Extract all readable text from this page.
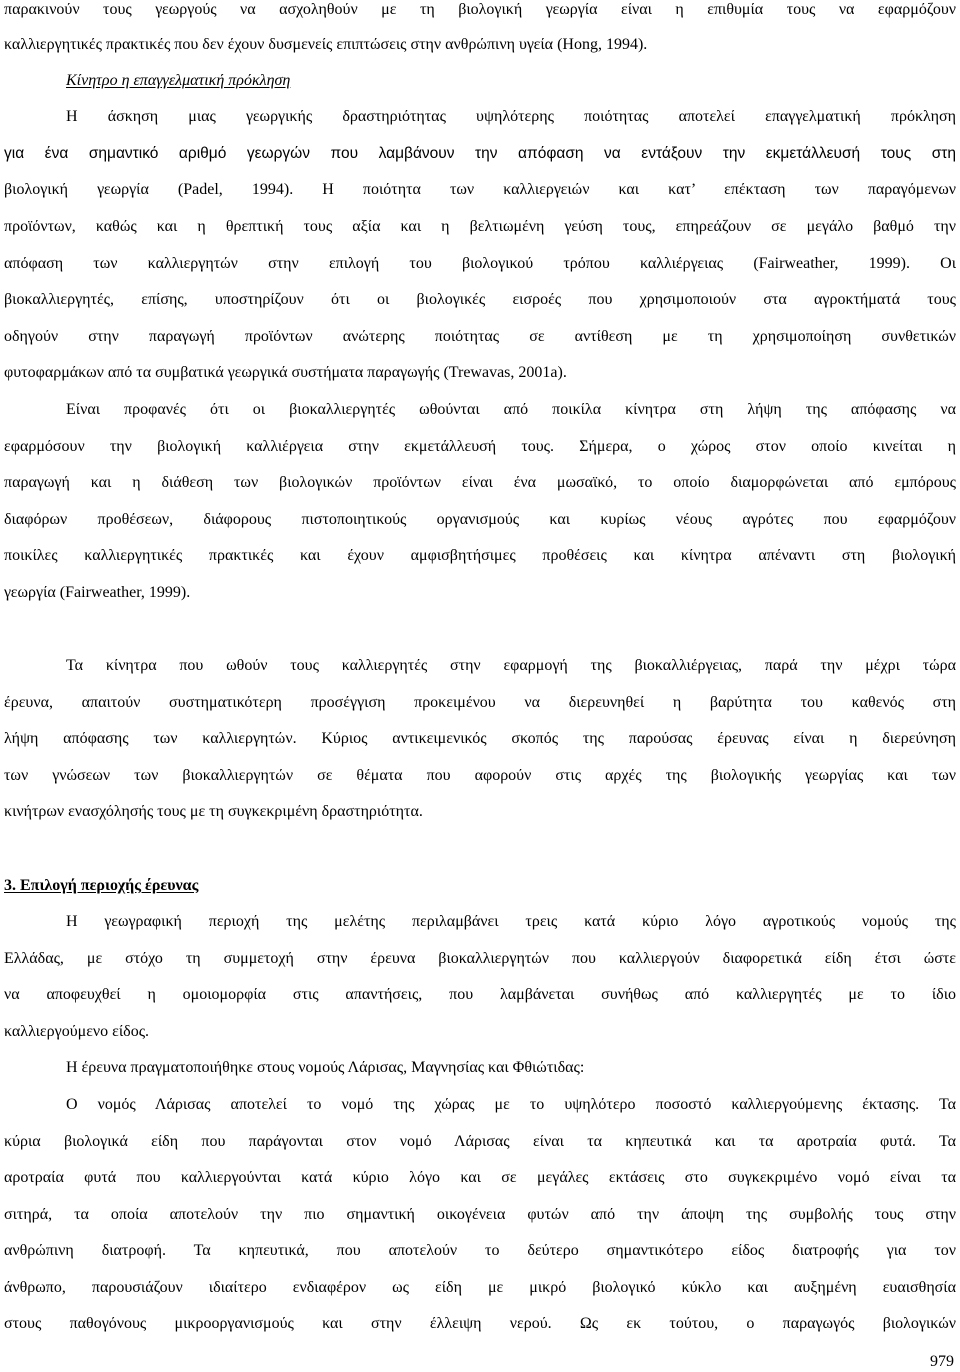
παρακινούν τους γεωργούς να ασχοληθούν με τη βιολογική γεωργία είναι η επιθυμία τους να εφαρμόζουν
καλλιεργητικές πρακτικές που δεν έχουν δυσμενείς επιπτώσεις στην ανθρώπινη υγεία (Hong, 1994).
Κίνητρο η επαγγελματική πρόκληση
Η άσκηση μιας γεωργικής δραστηριότητας υψηλότερης ποιότητας αποτελεί επαγγελματική πρόκληση
για ένα σημαντικό αριθμό γεωργών που λαμβάνουν την απόφαση να εντάξουν την εκμετάλλευσή τους στη
βιολογική γεωργία (Padel, 1994). Η ποιότητα των καλλιεργειών και κατ’ επέκταση των παραγόμενων
προϊόντων, καθώς και η θρεπτική τους αξία και η βελτιωμένη γεύση τους, επηρεάζουν σε μεγάλο βαθμό την
απόφαση των καλλιεργητών στην επιλογή του βιολογικού τρόπου καλλιέργειας (Fairweather, 1999). Οι
βιοκαλλιεργητές, επίσης, υποστηρίζουν ότι οι βιολογικές εισροές που χρησιμοποιούν στα αγροκτήματά τους
οδηγούν στην παραγωγή προϊόντων ανώτερης ποιότητας σε αντίθεση με τη χρησιμοποίηση συνθετικών
φυτοφαρμάκων από τα συμβατικά γεωργικά συστήματα παραγωγής (Trewavas, 2001a).
Είναι προφανές ότι οι βιοκαλλιεργητές ωθούνται από ποικίλα κίνητρα στη λήψη της απόφασης να
εφαρμόσουν την βιολογική καλλιέργεια στην εκμετάλλευσή τους. Σήμερα, ο χώρος στον οποίο κινείται η
παραγωγή και η διάθεση των βιολογικών προϊόντων είναι ένα μωσαϊκό, το οποίο διαμορφώνεται από εμπόρους
διαφόρων προθέσεων, διάφορους πιστοποιητικούς οργανισμούς και κυρίως νέους αγρότες που εφαρμόζουν
ποικίλες καλλιεργητικές πρακτικές και έχουν αμφισβητήσιμες προθέσεις και κίνητρα απέναντι στη βιολογική
γεωργία (Fairweather, 1999).
Τα κίνητρα που ωθούν τους καλλιεργητές στην εφαρμογή της βιοκαλλιέργειας, παρά την μέχρι τώρα
έρευνα, απαιτούν συστηματικότερη προσέγγιση προκειμένου να διερευνηθεί η βαρύτητα του καθενός στη
λήψη απόφασης των καλλιεργητών. Κύριος αντικειμενικός σκοπός της παρούσας έρευνας είναι η διερεύνηση
των γνώσεων των βιοκαλλιεργητών σε θέματα που αφορούν στις αρχές της βιολογικής γεωργίας και των
κινήτρων ενασχόλησής τους με τη συγκεκριμένη δραστηριότητα.
3. Επιλογή περιοχής έρευνας
Η γεωγραφική περιοχή της μελέτης περιλαμβάνει τρεις κατά κύριο λόγο αγροτικούς νομούς της
Ελλάδας, με στόχο τη συμμετοχή στην έρευνα βιοκαλλιεργητών που καλλιεργούν διαφορετικά είδη έτσι ώστε
να αποφευχθεί η ομοιομορφία στις απαντήσεις, που λαμβάνεται συνήθως από καλλιεργητές με το ίδιο
καλλιεργούμενο είδος.
Η έρευνα πραγματοποιήθηκε στους νομούς Λάρισας, Μαγνησίας και Φθιώτιδας:
Ο νομός Λάρισας αποτελεί το νομό της χώρας με το υψηλότερο ποσοστό καλλιεργούμενης έκτασης. Τα
κύρια βιολογικά είδη που παράγονται στον νομό Λάρισας είναι τα κηπευτικά και τα αροτραία φυτά. Τα
αροτραία φυτά που καλλιεργούνται κατά κύριο λόγο και σε μεγάλες εκτάσεις στο συγκεκριμένο νομό είναι τα
σιτηρά, τα οποία αποτελούν την πιο σημαντική οικογένεια φυτών από την άποψη της συμβολής τους στην
ανθρώπινη διατροφή. Τα κηπευτικά, που αποτελούν το δεύτερο σημαντικότερο είδος διατροφής για τον
άνθρωπο, παρουσιάζουν ιδιαίτερο ενδιαφέρον ως είδη με μικρό βιολογικό κύκλο και αυξημένη ευαισθησία
στους παθογόνους μικροοργανισμούς και στην έλλειψη νερού. Ως εκ τούτου, ο παραγωγός βιολογικών
979
